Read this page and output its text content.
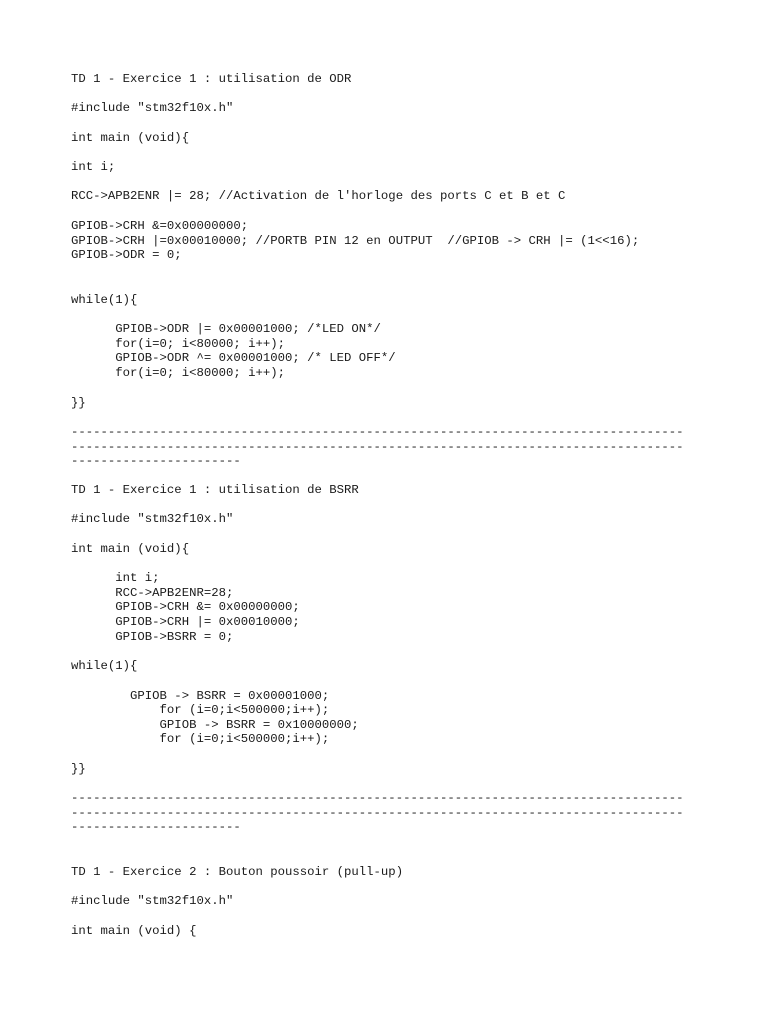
TD 1 - Exercice 1 : utilisation de ODR

#include "stm32f10x.h"

int main (void){

int i;

RCC->APB2ENR |= 28; //Activation de l'horloge des ports C et B et C

GPIOB->CRH &=0x00000000;

GPIOB->CRH |=0x00010000; //PORTB PIN 12 en OUTPUT  //GPIOB -> CRH |= (1<<16);

GPIOB->ODR = 0;

while(1){

GPIOB->ODR |= 0x00001000; /*LED ON*/

for(i=0; i<80000; i++);

GPIOB->ODR ^= 0x00001000; /* LED OFF*/

for(i=0; i<80000; i++);

}}

-----------------------------------------------------------------------------------

-----------------------------------------------------------------------------------

-----------------------

TD 1 - Exercice 1 : utilisation de BSRR

#include "stm32f10x.h"

int main (void){

int i;

RCC->APB2ENR=28;

GPIOB->CRH &= 0x00000000;

GPIOB->CRH |= 0x00010000;

GPIOB->BSRR = 0;

while(1){

GPIOB -> BSRR = 0x00001000;

for (i=0;i<500000;i++);

GPIOB -> BSRR = 0x10000000;

for (i=0;i<500000;i++);

}}

-----------------------------------------------------------------------------------

-----------------------------------------------------------------------------------

-----------------------

TD 1 - Exercice 2 : Bouton poussoir (pull-up)

#include "stm32f10x.h"

int main (void) {
